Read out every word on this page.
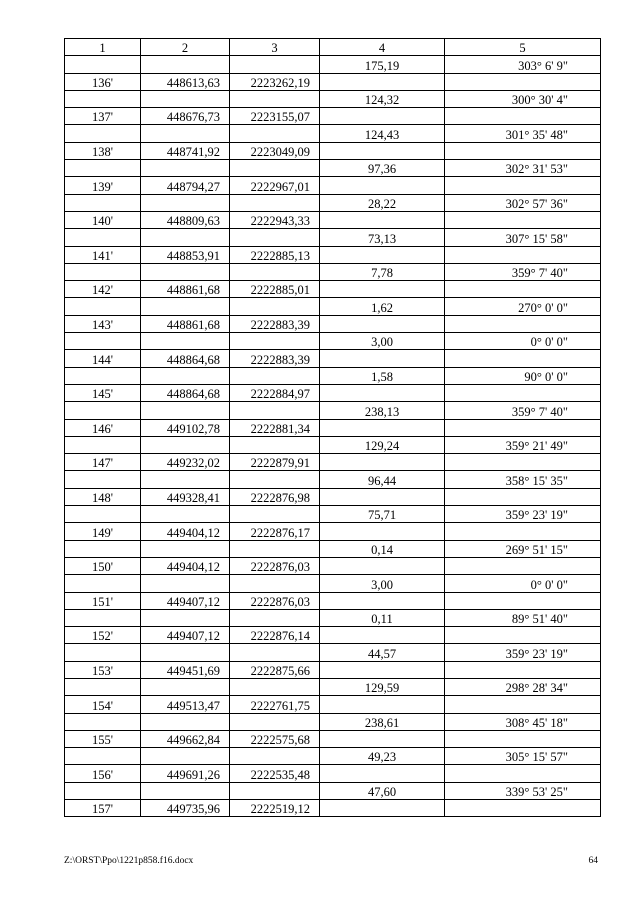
1	2	3	4	5
			175,19	303° 6' 9"
136'	448613,63	2223262,19		
			124,32	300° 30' 4"
137'	448676,73	2223155,07		
			124,43	301° 35' 48"
138'	448741,92	2223049,09		
			97,36	302° 31' 53"
139'	448794,27	2222967,01		
			28,22	302° 57' 36"
140'	448809,63	2222943,33		
			73,13	307° 15' 58"
141'	448853,91	2222885,13		
			7,78	359° 7' 40"
142'	448861,68	2222885,01		
			1,62	270° 0' 0"
143'	448861,68	2222883,39		
			3,00	0° 0' 0"
144'	448864,68	2222883,39		
			1,58	90° 0' 0"
145'	448864,68	2222884,97		
			238,13	359° 7' 40"
146'	449102,78	2222881,34		
			129,24	359° 21' 49"
147'	449232,02	2222879,91		
			96,44	358° 15' 35"
148'	449328,41	2222876,98		
			75,71	359° 23' 19"
149'	449404,12	2222876,17		
			0,14	269° 51' 15"
150'	449404,12	2222876,03		
			3,00	0° 0' 0"
151'	449407,12	2222876,03		
			0,11	89° 51' 40"
152'	449407,12	2222876,14		
			44,57	359° 23' 19"
153'	449451,69	2222875,66		
			129,59	298° 28' 34"
154'	449513,47	2222761,75		
			238,61	308° 45' 18"
155'	449662,84	2222575,68		
			49,23	305° 15' 57"
156'	449691,26	2222535,48		
			47,60	339° 53' 25"
157'	449735,96	2222519,12		
Z:\ORST\Ppo\1221p858.f16.docx	64
